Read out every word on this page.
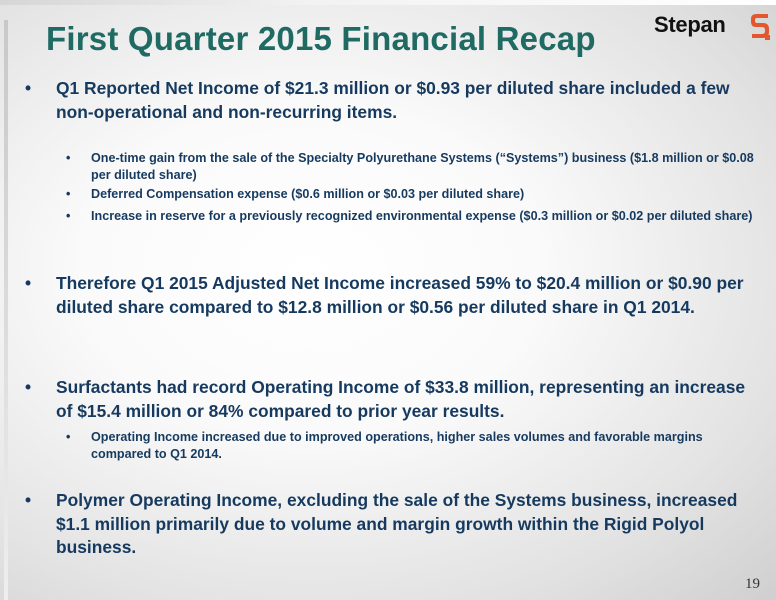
First Quarter 2015 Financial Recap	Stepan
• Q1 Reported Net Income of $21.3 million or $0.93 per diluted share included a few non-operational and non-recurring items.
• One-time gain from the sale of the Specialty Polyurethane Systems (“Systems”) business ($1.8 million or $0.08 per diluted share)
• Deferred Compensation expense ($0.6 million or $0.03 per diluted share)
• Increase in reserve for a previously recognized environmental expense ($0.3 million or $0.02 per diluted share)
• Therefore Q1 2015 Adjusted Net Income increased 59% to $20.4 million or $0.90 per diluted share compared to $12.8 million or $0.56 per diluted share in Q1 2014.
• Surfactants had record Operating Income of $33.8 million, representing an increase of $15.4 million or 84% compared to prior year results.
• Operating Income increased due to improved operations, higher sales volumes and favorable margins compared to Q1 2014.
• Polymer Operating Income, excluding the sale of the Systems business, increased $1.1 million primarily due to volume and margin growth within the Rigid Polyol business.
19
